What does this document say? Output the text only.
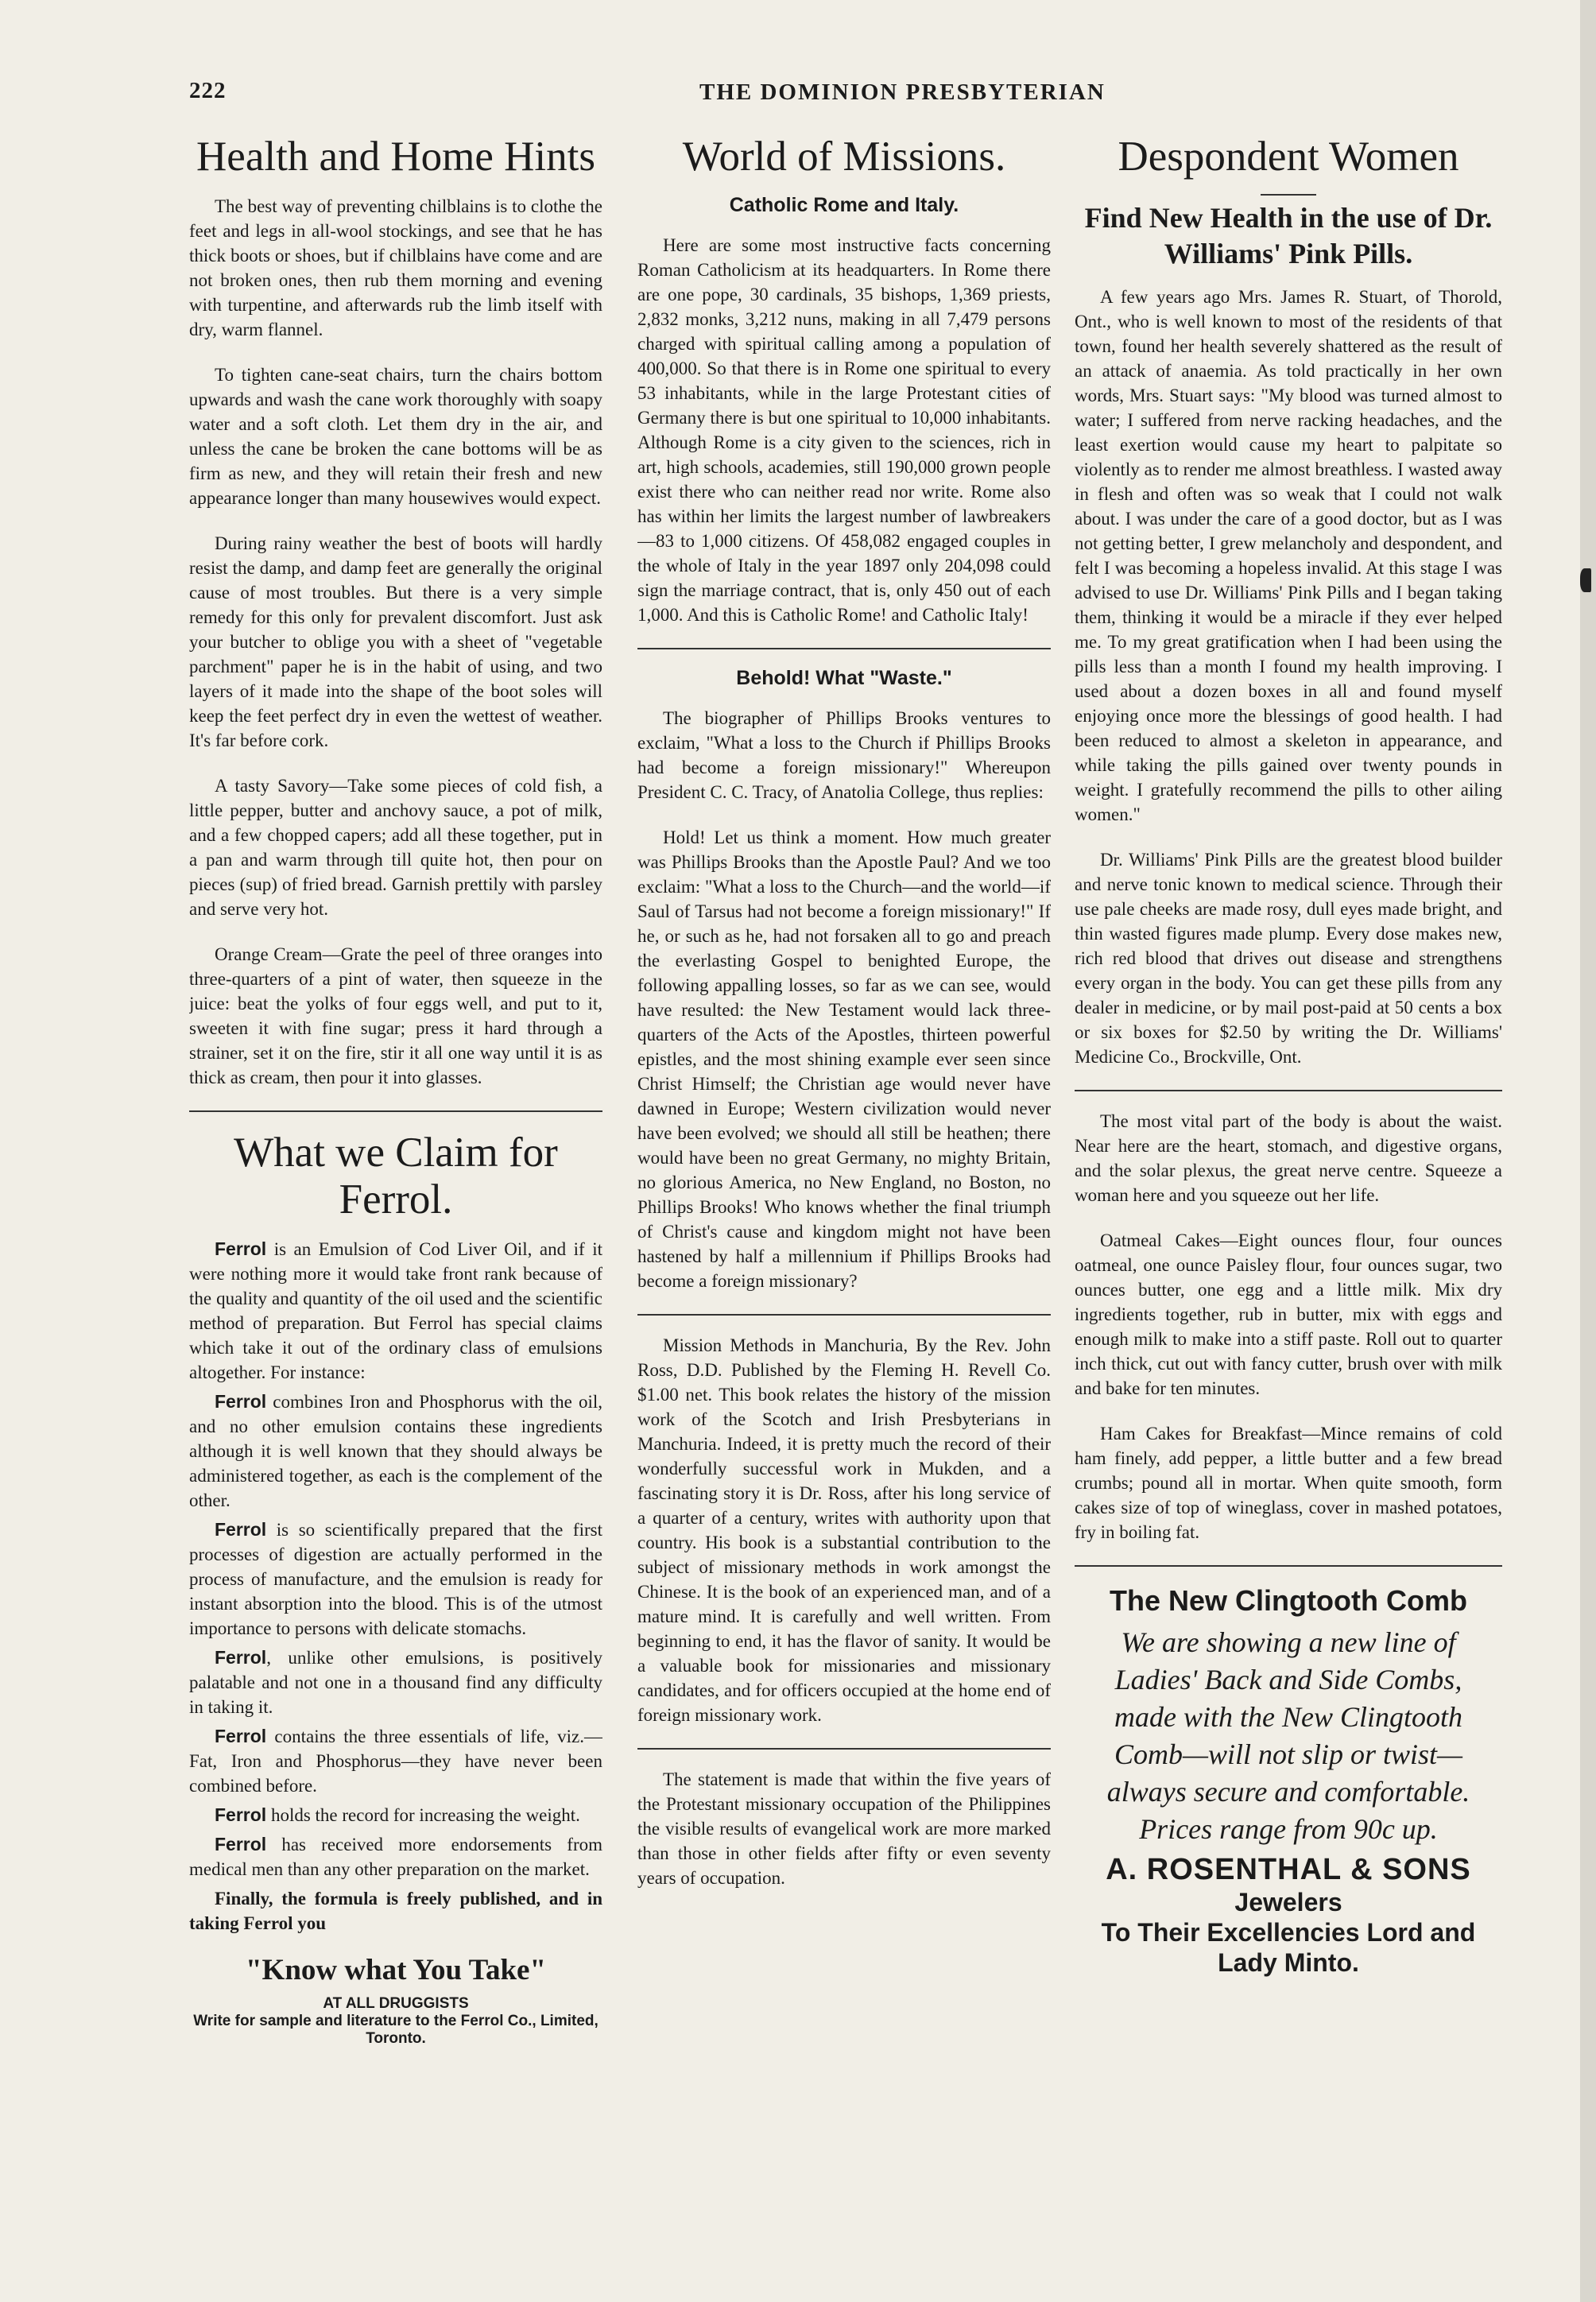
222	THE DOMINION PRESBYTERIAN
Health and Home Hints

The best way of preventing chilblains is to clothe the feet and legs in all-wool stockings, and see that he has thick boots or shoes, but if chilblains have come and are not broken ones, then rub them morning and evening with turpentine, and afterwards rub the limb itself with dry, warm flannel.

To tighten cane-seat chairs, turn the chairs bottom upwards and wash the cane work thoroughly with soapy water and a soft cloth. Let them dry in the air, and unless the cane be broken the cane bottoms will be as firm as new, and they will retain their fresh and new appearance longer than many housewives would expect.

During rainy weather the best of boots will hardly resist the damp, and damp feet are generally the original cause of most troubles. But there is a very simple remedy for this only for prevalent discomfort. Just ask your butcher to oblige you with a sheet of "vegetable parchment" paper he is in the habit of using, and two layers of it made into the shape of the boot soles will keep the feet perfect dry in even the wettest of weather. It's far before cork.

A tasty Savory—Take some pieces of cold fish, a little pepper, butter and anchovy sauce, a pot of milk, and a few chopped capers; add all these together, put in a pan and warm through till quite hot, then pour on pieces (sup) of fried bread. Garnish prettily with parsley and serve very hot.

Orange Cream—Grate the peel of three oranges into three-quarters of a pint of water, then squeeze in the juice: beat the yolks of four eggs well, and put to it, sweeten it with fine sugar; press it hard through a strainer, set it on the fire, stir it all one way until it is as thick as cream, then pour it into glasses.

What we Claim for Ferrol.

Ferrol is an Emulsion of Cod Liver Oil, and if it were nothing more it would take front rank because of the quality and quantity of the oil used and the scientific method of preparation. But Ferrol has special claims which take it out of the ordinary class of emulsions altogether. For instance:

Ferrol combines Iron and Phosphorus with the oil, and no other emulsion contains these ingredients although it is well known that they should always be administered together, as each is the complement of the other.

Ferrol is so scientifically prepared that the first processes of digestion are actually performed in the process of manufacture, and the emulsion is ready for instant absorption into the blood. This is of the utmost importance to persons with delicate stomachs.

Ferrol, unlike other emulsions, is positively palatable and not one in a thousand find any difficulty in taking it.

Ferrol contains the three essentials of life, viz.—Fat, Iron and Phosphorus—they have never been combined before.

Ferrol holds the record for increasing the weight.

Ferrol has received more endorsements from medical men than any other preparation on the market.

Finally, the formula is freely published, and in taking Ferrol you

"Know what You Take"
AT ALL DRUGGISTS
Write for sample and literature to the Ferrol Co., Limited, Toronto.
World of Missions.
Catholic Rome and Italy.

Here are some most instructive facts concerning Roman Catholicism at its headquarters. In Rome there are one pope, 30 cardinals, 35 bishops, 1,369 priests, 2,832 monks, 3,212 nuns, making in all 7,479 persons charged with spiritual calling among a population of 400,000. So that there is in Rome one spiritual to every 53 inhabitants, while in the large Protestant cities of Germany there is but one spiritual to 10,000 inhabitants. Although Rome is a city given to the sciences, rich in art, high schools, academies, still 190,000 grown people exist there who can neither read nor write. Rome also has within her limits the largest number of lawbreakers—83 to 1,000 citizens. Of 458,082 engaged couples in the whole of Italy in the year 1897 only 204,098 could sign the marriage contract, that is, only 450 out of each 1,000. And this is Catholic Rome! and Catholic Italy!

Behold! What "Waste."

The biographer of Phillips Brooks ventures to exclaim, "What a loss to the Church if Phillips Brooks had become a foreign missionary!" Whereupon President C. C. Tracy, of Anatolia College, thus replies:

Hold! Let us think a moment. How much greater was Phillips Brooks than the Apostle Paul? And we too exclaim: "What a loss to the Church—and the world—if Saul of Tarsus had not become a foreign missionary!" If he, or such as he, had not forsaken all to go and preach the everlasting Gospel to benighted Europe, the following appalling losses, so far as we can see, would have resulted: the New Testament would lack three-quarters of the Acts of the Apostles, thirteen powerful epistles, and the most shining example ever seen since Christ Himself; the Christian age would never have dawned in Europe; Western civilization would never have been evolved; we should all still be heathen; there would have been no great Germany, no mighty Britain, no glorious America, no New England, no Boston, no Phillips Brooks! Who knows whether the final triumph of Christ's cause and kingdom might not have been hastened by half a millennium if Phillips Brooks had become a foreign missionary?

Mission Methods in Manchuria, By the Rev. John Ross, D.D. Published by the Fleming H. Revell Co. $1.00 net. This book relates the history of the mission work of the Scotch and Irish Presbyterians in Manchuria. Indeed, it is pretty much the record of their wonderfully successful work in Mukden, and a fascinating story it is Dr. Ross, after his long service of a quarter of a century, writes with authority upon that country. His book is a substantial contribution to the subject of missionary methods in work amongst the Chinese. It is the book of an experienced man, and of a mature mind. It is carefully and well written. From beginning to end, it has the flavor of sanity. It would be a valuable book for missionaries and missionary candidates, and for officers occupied at the home end of foreign missionary work.

The statement is made that within the five years of the Protestant missionary occupation of the Philippines the visible results of evangelical work are more marked than those in other fields after fifty or even seventy years of occupation.

Despondent Women
Find New Health in the use of Dr. Williams' Pink Pills.

A few years ago Mrs. James R. Stuart, of Thorold, Ont., who is well known to most of the residents of that town, found her health severely shattered as the result of an attack of anaemia. As told practically in her own words, Mrs. Stuart says: "My blood was turned almost to water; I suffered from nerve racking headaches, and the least exertion would cause my heart to palpitate so violently as to render me almost breathless. I wasted away in flesh and often was so weak that I could not walk about. I was under the care of a good doctor, but as I was not getting better, I grew melancholy and despondent, and felt I was becoming a hopeless invalid. At this stage I was advised to use Dr. Williams' Pink Pills and I began taking them, thinking it would be a miracle if they ever helped me. To my great gratification when I had been using the pills less than a month I found my health improving. I used about a dozen boxes in all and found myself enjoying once more the blessings of good health. I had been reduced to almost a skeleton in appearance, and while taking the pills gained over twenty pounds in weight. I gratefully recommend the pills to other ailing women."

Dr. Williams' Pink Pills are the greatest blood builder and nerve tonic known to medical science. Through their use pale cheeks are made rosy, dull eyes made bright, and thin wasted figures made plump. Every dose makes new, rich red blood that drives out disease and strengthens every organ in the body. You can get these pills from any dealer in medicine, or by mail post-paid at 50 cents a box or six boxes for $2.50 by writing the Dr. Williams' Medicine Co., Brockville, Ont.

The most vital part of the body is about the waist. Near here are the heart, stomach, and digestive organs, and the solar plexus, the great nerve centre. Squeeze a woman here and you squeeze out her life.

Oatmeal Cakes—Eight ounces flour, four ounces oatmeal, one ounce Paisley flour, four ounces sugar, two ounces butter, one egg and a little milk. Mix dry ingredients together, rub in butter, mix with eggs and enough milk to make into a stiff paste. Roll out to quarter inch thick, cut out with fancy cutter, brush over with milk and bake for ten minutes.

Ham Cakes for Breakfast—Mince remains of cold ham finely, add pepper, a little butter and a few bread crumbs; pound all in mortar. When quite smooth, form cakes size of top of wineglass, cover in mashed potatoes, fry in boiling fat.

The New Clingtooth Comb
We are showing a new line of Ladies' Back and Side Combs, made with the New Clingtooth Comb—will not slip or twist—always secure and comfortable. Prices range from 90c up.
A. ROSENTHAL & SONS
Jewelers
To Their Excellencies Lord and Lady Minto.
